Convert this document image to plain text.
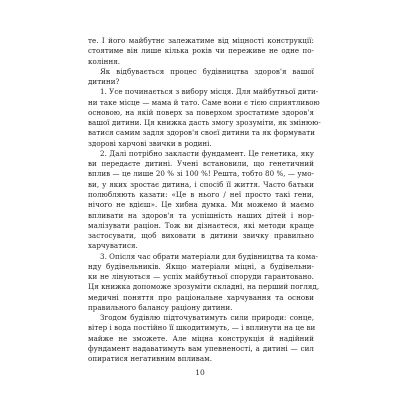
те. І його майбутнє залежатиме від міцності конструкції:
стоятиме він лише кілька років чи переживе не одне по-
коління.
Як відбувається процес будівництва здоров'я вашої
дитини?
1. Усе починається з вибору місця. Для майбутньої дити-
ни таке місце — мама й тато. Саме вони є тією сприятливою
основою, на якій поверх за поверхом зростатиме здоров'я
вашої дитини. Ця книжка дасть змогу зрозуміти, як змінюю-
ватися самим задля здоров'я своєї дитини та як формувати
здорові харчові звички в родині.
2. Далі потрібно закласти фундамент. Це генетика, яку
ви передаєте дитині. Учені встановили, що генетичний
вплив — це лише 20 % зі 100 %! Решта, тобто 80 %, — умо-
ви, у яких зростає дитина, і спосіб її життя. Часто батьки
полюбляють казати: «Це в нього / неї просто такі гени,
нічого не вдієш». Це хибна думка. Ми можемо й маємо
впливати на здоров'я та успішність наших дітей і нор-
малізувати раціон. Тож ви дізнаєтеся, які методи краще
застосувати, щоб виховати в дитини звичку правильно
харчуватися.
3. Опісля час обрати матеріали для будівництва та кома-
нду будівельників. Якщо матеріали міцні, а будівельни-
ки не лінуються — успіх майбутньої споруди гарантовано.
Ця книжка допоможе зрозуміти складні, на перший погляд,
медичні поняття про раціональне харчування та основи
правильного балансу раціону дитини.
Згодом будівлю підточуватимуть сили природи: сонце,
вітер і вода постійно її шкодитимуть, — і вплинути на це ви
майже не зможете. Але міцна конструкція й надійний
фундамент надаватимуть вам упевненості, а дитині — сил
опиратися негативним впливам.
10
